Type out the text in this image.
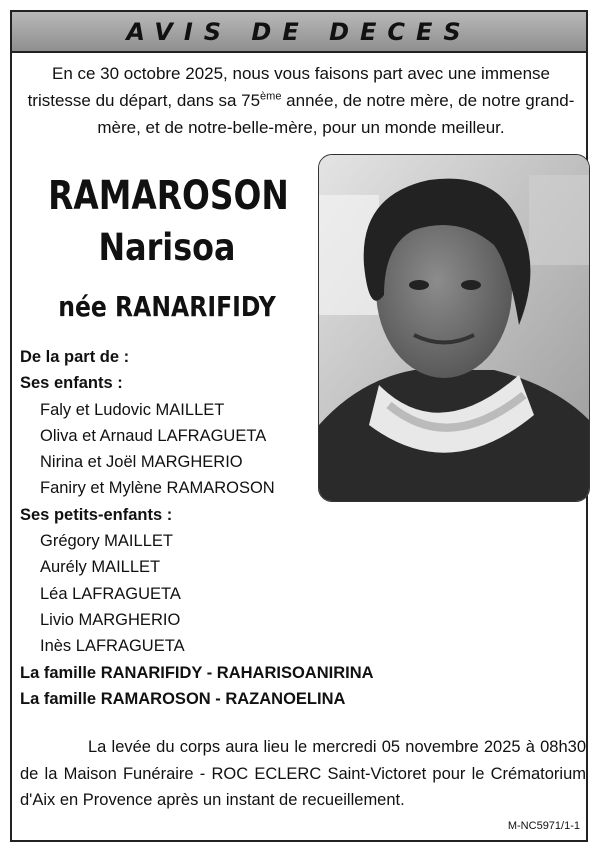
AVIS DE DECES
En ce 30 octobre 2025, nous vous faisons part avec une immense tristesse du départ, dans sa 75ème année, de notre mère, de notre grand-mère, et de notre-belle-mère, pour un monde meilleur.
RAMAROSON
Narisoa
née RANARIFIDY
De la part de :
Ses enfants :
Faly et Ludovic MAILLET
Oliva et Arnaud LAFRAGUETA
Nirina et Joël MARGHERIO
Faniry et Mylène RAMAROSON
Ses petits-enfants :
Grégory MAILLET
Aurély MAILLET
Léa LAFRAGUETA
Livio MARGHERIO
Inès LAFRAGUETA
La famille RANARIFIDY - RAHARISOANIRINA
La famille RAMAROSON - RAZANOELINA
La levée du corps aura lieu le mercredi 05 novembre 2025 à 08h30 de la Maison Funéraire - ROC ECLERC Saint-Victoret pour le Crématorium d'Aix en Provence après un instant de recueillement.
M-NC5971/1-1
